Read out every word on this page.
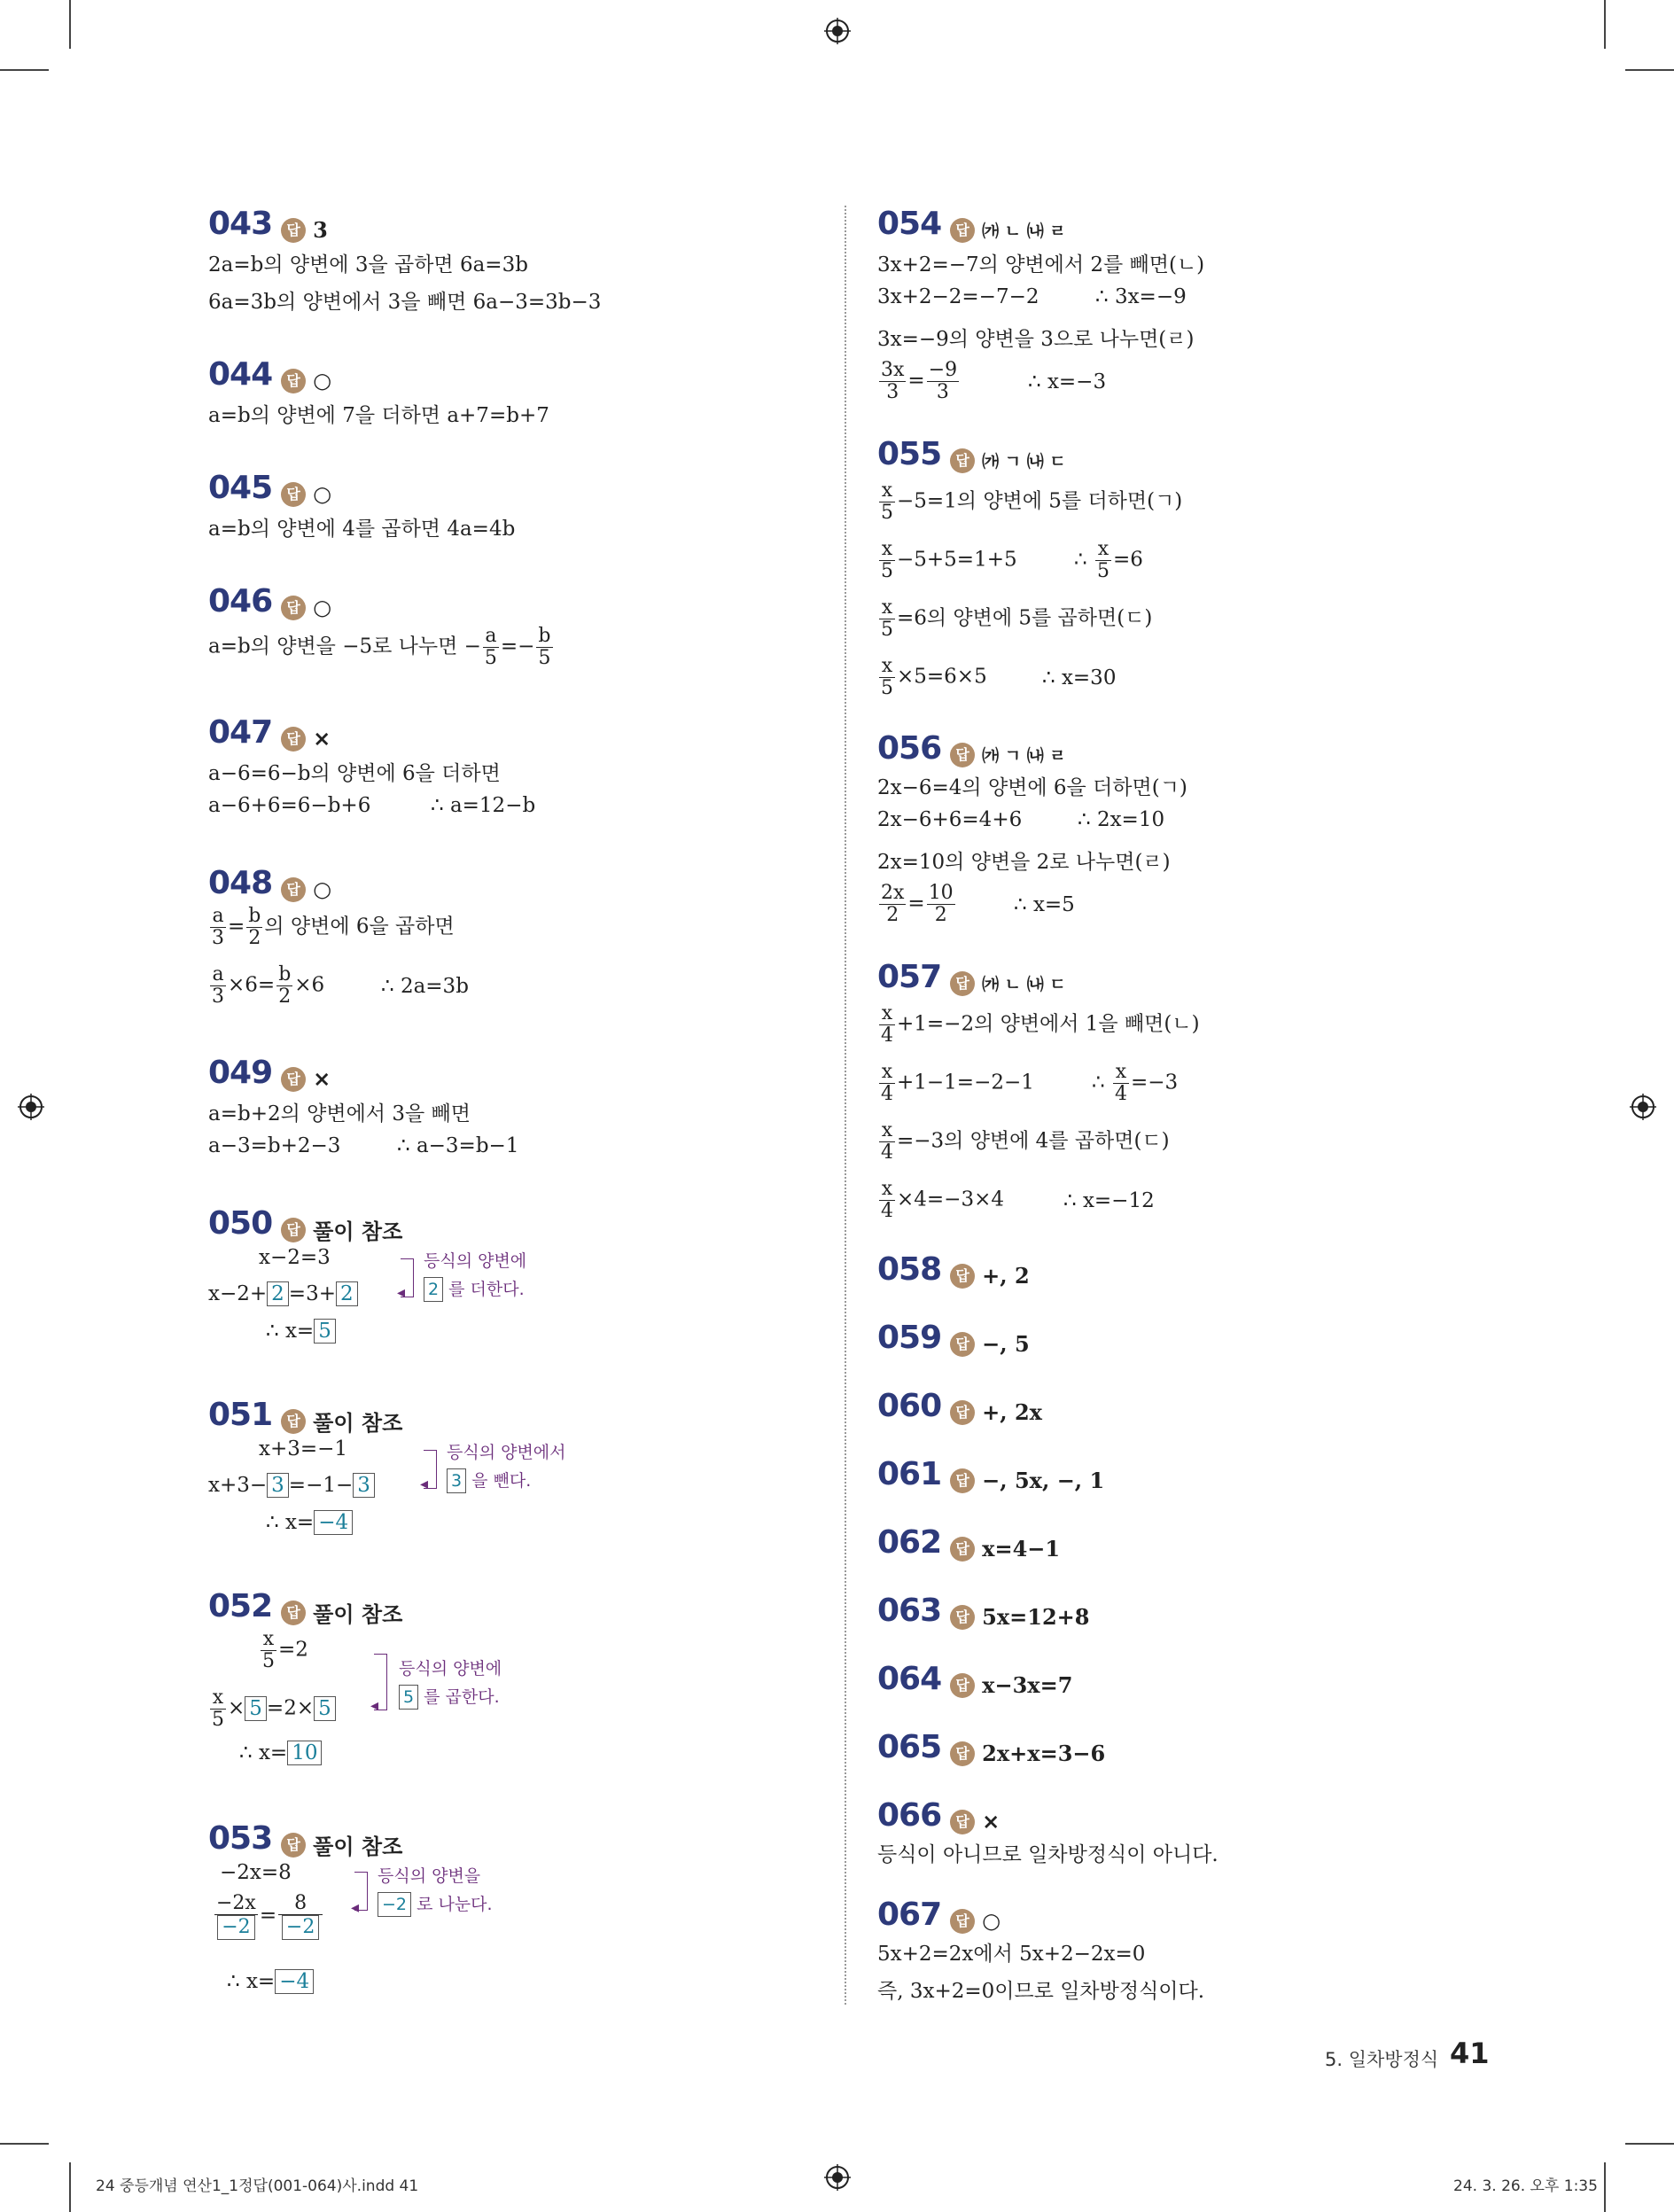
043 답 3
2a=b의 양변에 3을 곱하면 6a=3b
6a=3b의 양변에서 3을 빼면 6a−3=3b−3
044 답 ○
a=b의 양변에 7을 더하면 a+7=b+7
045 답 ○
a=b의 양변에 4를 곱하면 4a=4b
046 답 ○
a=b의 양변을 −5로 나누면 − $\frac{a}{5} =- \frac{b}{5}$
047 답 ×
a−6=6−b의 양변에 6을 더하면
a−6+6=6−b+6	∴ a=12−b
048 답 ○
$\frac{a}{3} = \frac{b}{2}$ 의 양변에 6을 곱하면
$\frac{a}{3} \times 6= \frac{b}{2} \times 6$	∴ 2a=3b
049 답 ×
a=b+2의 양변에서 3을 빼면
a−3=b+2−3	∴ a−3=b−1
050 답 풀이 참조
x−2=3
x−2+ 2 =3+ 2
∴ x= 5
◂
등식의 양변에
2 를 더한다.
051 답 풀이 참조
x+3=−1
x+3− 3 =−1− 3
∴ x= −4
◂
등식의 양변에서
3 을 뺀다.
052 답 풀이 참조
$\frac{x}{5} =2$
$\frac{x}{5} \times 5 =2\times 5$
∴ x= 10
◂
등식의 양변에
5 를 곱한다.
053 답 풀이 참조
−2x=8
$\frac{-2x}{-2} = \frac{8}{-2}$
∴ x= −4
◂
등식의 양변을
−2 로 나눈다.
054 답 ㈎ ㄴ ㈏ ㄹ
3x+2=−7의 양변에서 2를 빼면(ㄴ)
3x+2−2=−7−2	∴ 3x=−9
3x=−9의 양변을 3으로 나누면(ㄹ)
$\frac{3x}{3} = \frac{-9}{3}$	∴ x=−3
055 답 ㈎ ㄱ ㈏ ㄷ
$\frac{x}{5} -5=1$의 양변에 5를 더하면(ㄱ)
$\frac{x}{5} -5+5=1+5$	∴ $\frac{x}{5} =6$
$\frac{x}{5} =6$의 양변에 5를 곱하면(ㄷ)
$\frac{x}{5} \times 5=6\times 5$	∴ x=30
056 답 ㈎ ㄱ ㈏ ㄹ
2x−6=4의 양변에 6을 더하면(ㄱ)
2x−6+6=4+6	∴ 2x=10
2x=10의 양변을 2로 나누면(ㄹ)
$\frac{2x}{2} = \frac{10}{2}$	∴ x=5
057 답 ㈎ ㄴ ㈏ ㄷ
$\frac{x}{4} +1=-2$의 양변에서 1을 빼면(ㄴ)
$\frac{x}{4} +1-1=-2-1$	∴ $\frac{x}{4} =-3$
$\frac{x}{4} =-3$의 양변에 4를 곱하면(ㄷ)
$\frac{x}{4} \times 4=-3\times 4$	∴ x=−12
058 답 +, 2
059 답 −, 5
060 답 +, 2x
061 답 −, 5x, −, 1
062 답 x=4−1
063 답 5x=12+8
064 답 x−3x=7
065 답 2x+x=3−6
066 답 ×
등식이 아니므로 일차방정식이 아니다.
067 답 ○
5x+2=2x에서 5x+2−2x=0
즉, 3x+2=0이므로 일차방정식이다.
5. 일차방정식 41
24 중등개념 연산1_1정답(001-064)사.indd 41	24. 3. 26. 오후 1:35
